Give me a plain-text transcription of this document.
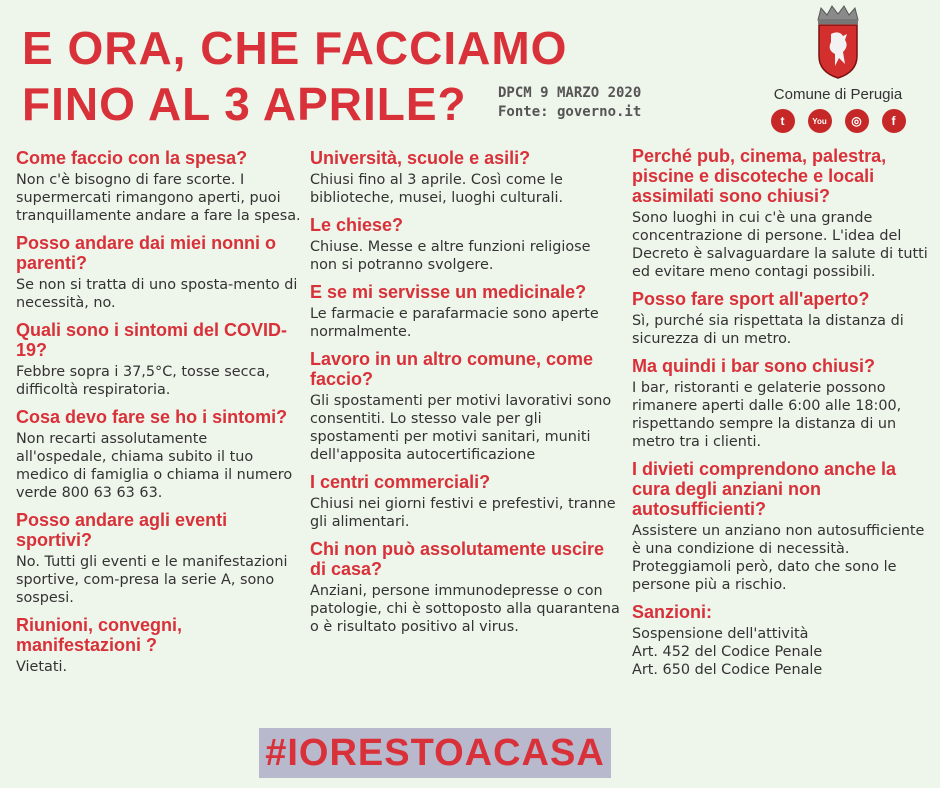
E ORA, CHE FACCIAMO
FINO AL 3 APRILE?	DPCM 9 MARZO 2020
Fonte: governo.it
Comune di Perugia
t	You	◎	f
Come faccio con la spesa?
Non c'è bisogno di fare scorte. I supermercati rimangono aperti, puoi tranquillamente andare a fare la spesa.
Posso andare dai miei nonni o parenti?
Se non si tratta di uno sposta-mento di necessità, no.
Quali sono i sintomi del COVID-19?
Febbre sopra i 37,5°C, tosse secca, difficoltà respiratoria.
Cosa devo fare se ho i sintomi?
Non recarti assolutamente all'ospedale, chiama subito il tuo medico di famiglia o chiama il numero verde 800 63 63 63.
Posso andare agli eventi sportivi?
No. Tutti gli eventi e le manifestazioni sportive, com-presa la serie A, sono sospesi.
Riunioni, convegni, manifestazioni ?
Vietati.
Università, scuole e asili?
Chiusi fino al 3 aprile. Così come le biblioteche, musei, luoghi culturali.
Le chiese?
Chiuse. Messe e altre funzioni religiose non si potranno svolgere.
E se mi servisse un medicinale?
Le farmacie e parafarmacie sono aperte normalmente.
Lavoro in un altro comune, come faccio?
Gli spostamenti per motivi lavorativi sono consentiti. Lo stesso vale per gli spostamenti per motivi sanitari, muniti dell'apposita autocertificazione
I centri commerciali?
Chiusi nei giorni festivi e prefestivi, tranne gli alimentari.
Chi non può assolutamente uscire di casa?
Anziani, persone immunodepresse o con patologie, chi è sottoposto alla quarantena o è risultato positivo al virus.
Perché pub, cinema, palestra, piscine e discoteche e locali assimilati sono chiusi?
Sono luoghi in cui c'è una grande concentrazione di persone. L'idea del Decreto è salvaguardare la salute di tutti ed evitare meno contagi possibili.
Posso fare sport all'aperto?
Sì, purché sia rispettata la distanza di sicurezza di un metro.
Ma quindi i bar sono chiusi?
I bar, ristoranti e gelaterie possono rimanere aperti dalle 6:00 alle 18:00, rispettando sempre la distanza di un metro tra i clienti.
I divieti comprendono anche la cura degli anziani non autosufficienti?
Assistere un anziano non autosufficiente è una condizione di necessità. Proteggiamoli però, dato che sono le persone più a rischio.
Sanzioni:
Sospensione dell'attività
Art. 452 del Codice Penale
Art. 650 del Codice Penale
#IORESTOACASA
